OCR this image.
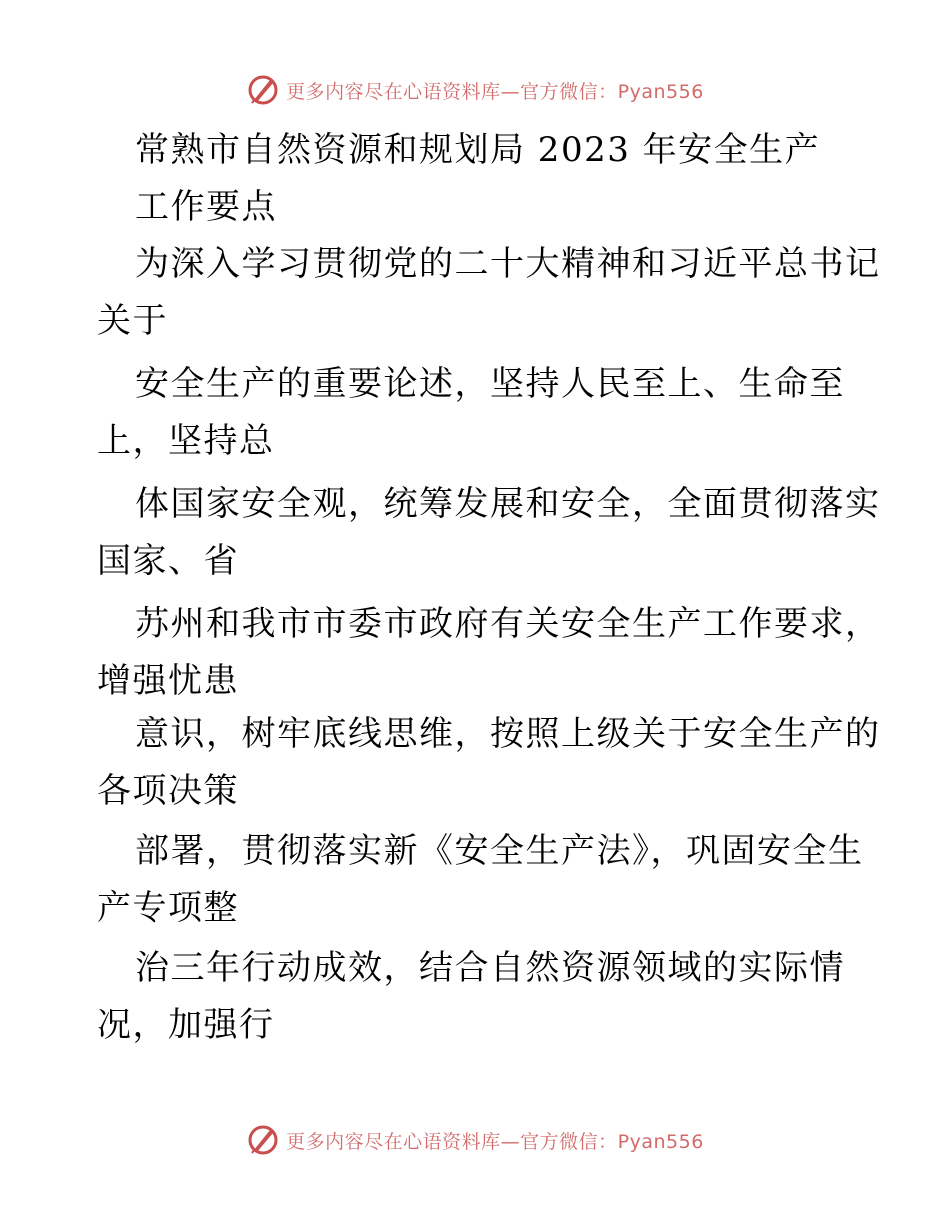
更多内容尽在心语资料库—官方微信：Pyan556
常熟市自然资源和规划局 2023 年安全生产
工作要点
为深入学习贯彻党的二十大精神和习近平总书记
关于
安全生产的重要论述，坚持人民至上、生命至
上，坚持总
体国家安全观，统筹发展和安全，全面贯彻落实
国家、省
苏州和我市市委市政府有关安全生产工作要求，
增强忧患
意识，树牢底线思维，按照上级关于安全生产的
各项决策
部署，贯彻落实新《安全生产法》，巩固安全生
产专项整
治三年行动成效，结合自然资源领域的实际情
况，加强行
更多内容尽在心语资料库—官方微信：Pyan556
